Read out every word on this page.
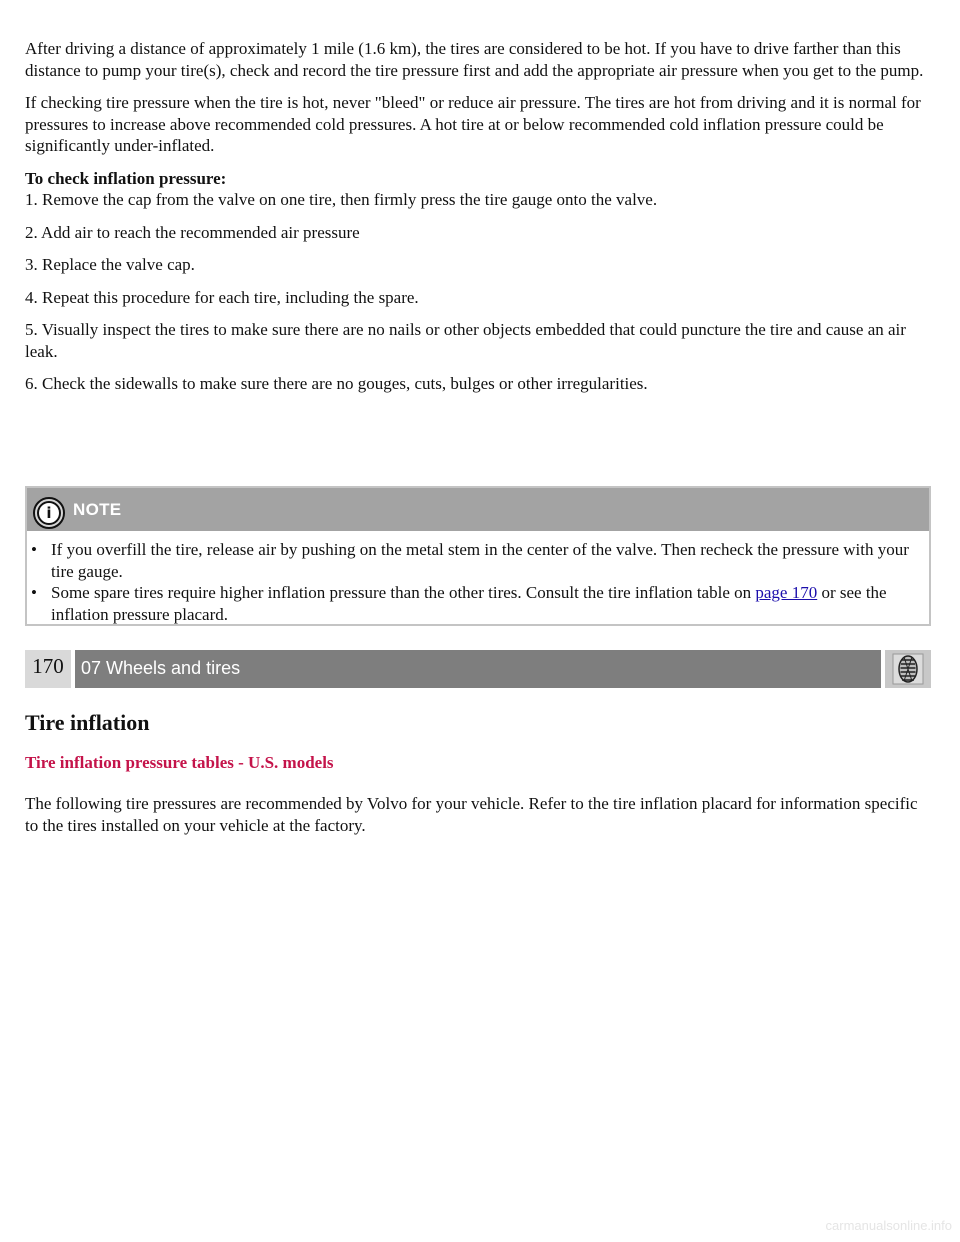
After driving a distance of approximately 1 mile (1.6 km), the tires are considered to be hot. If you have to drive farther than this distance to pump your tire(s), check and record the tire pressure first and add the appropriate air pressure when you get to the pump.

If checking tire pressure when the tire is hot, never "bleed" or reduce air pressure. The tires are hot from driving and it is normal for pressures to increase above recommended cold pressures. A hot tire at or below recommended cold inflation pressure could be significantly under-inflated.

To check inflation pressure:

1. Remove the cap from the valve on one tire, then firmly press the tire gauge onto the valve.

2. Add air to reach the recommended air pressure

3. Replace the valve cap.

4. Repeat this procedure for each tire, including the spare.

5. Visually inspect the tires to make sure there are no nails or other objects embedded that could puncture the tire and cause an air leak.

6. Check the sidewalls to make sure there are no gouges, cuts, bulges or other irregularities.

i	NOTE

• If you overfill the tire, release air by pushing on the metal stem in the center of the valve. Then recheck the pressure with your tire gauge.

• Some spare tires require higher inflation pressure than the other tires. Consult the tire inflation table on page 170 or see the inflation pressure placard.

170 07 Wheels and tires
Tire inflation
Tire inflation pressure tables - U.S. models

The following tire pressures are recommended by Volvo for your vehicle. Refer to the tire inflation placard for information specific to the tires installed on your vehicle at the factory.

carmanualsonline.info
